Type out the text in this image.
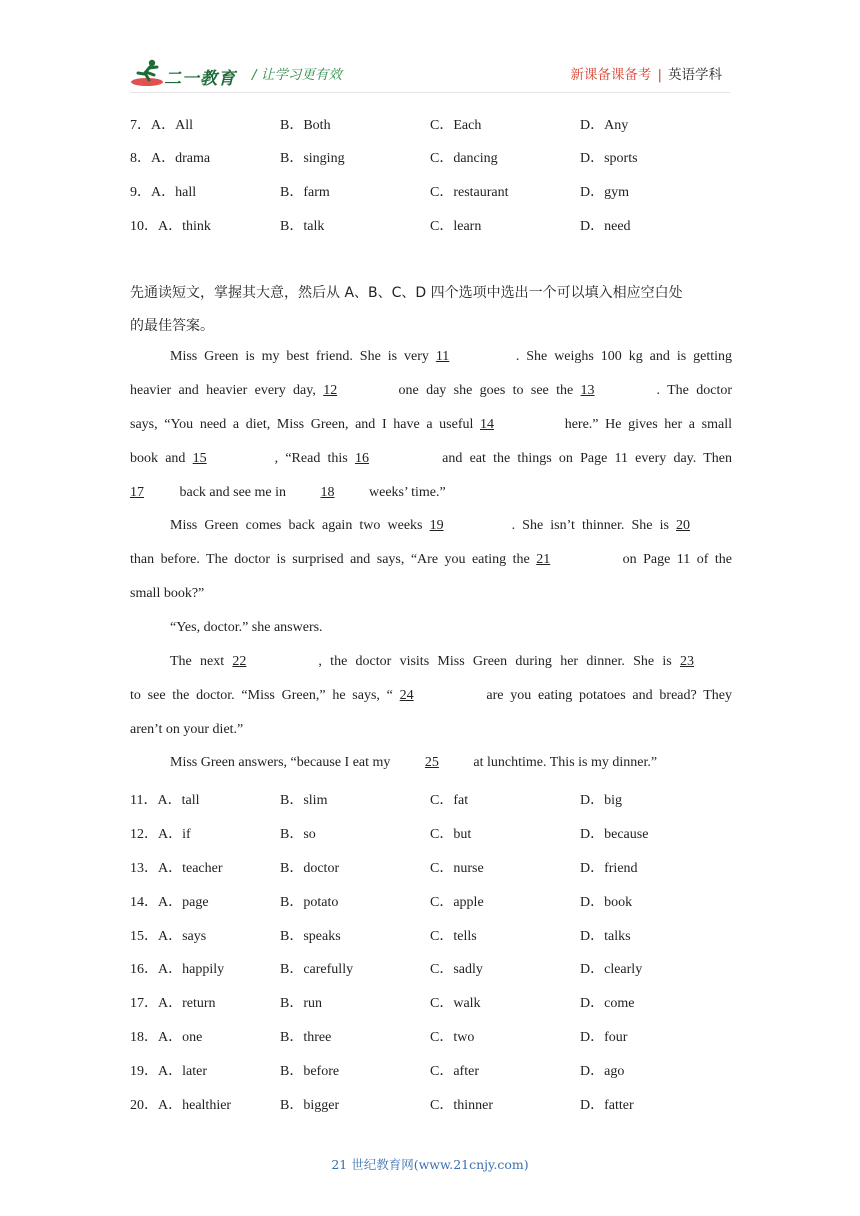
二一教育 / 让学习更有效	新课备课备考 | 英语学科
7．A．All	B．Both	C．Each	D．Any
8．A．drama	B．singing	C．dancing	D．sports
9．A．hall	B．farm	C．restaurant	D．gym
10．A．think	B．talk	C．learn	D．need
先通读短文，掌握其大意，然后从 A、B、C、D 四个选项中选出一个可以填入相应空白处
的最佳答案。
Miss Green is my best friend. She is very 11	. She weighs 100 kg and is getting
heavier and heavier every day, 12	one day she goes to see the 13	. The doctor
says, “You need a diet, Miss Green, and I have a useful 14	here.” He gives her a small
book and 15	, “Read this 16	and eat the things on Page 11 every day. Then
17 back and see me in 18 weeks’ time.”
Miss Green comes back again two weeks 19	. She isn’t thinner. She is 20
than before. The doctor is surprised and says, “Are you eating the 21	on Page 11 of the
small book?”
“Yes, doctor.” she answers.
The next 22	, the doctor visits Miss Green during her dinner. She is 23
to see the doctor. “Miss Green,” he says, “ 24	are you eating potatoes and bread? They
aren’t on your diet.”
Miss Green answers, “because I eat my 25 at lunchtime. This is my dinner.”
11．A．tall	B．slim	C．fat	D．big
12．A．if	B．so	C．but	D．because
13．A．teacher	B．doctor	C．nurse	D．friend
14．A．page	B．potato	C．apple	D．book
15．A．says	B．speaks	C．tells	D．talks
16．A．happily	B．carefully	C．sadly	D．clearly
17．A．return	B．run	C．walk	D．come
18．A．one	B．three	C．two	D．four
19．A．later	B．before	C．after	D．ago
20．A．healthier	B．bigger	C．thinner	D．fatter
21 世纪教育网(www.21cnjy.com)
